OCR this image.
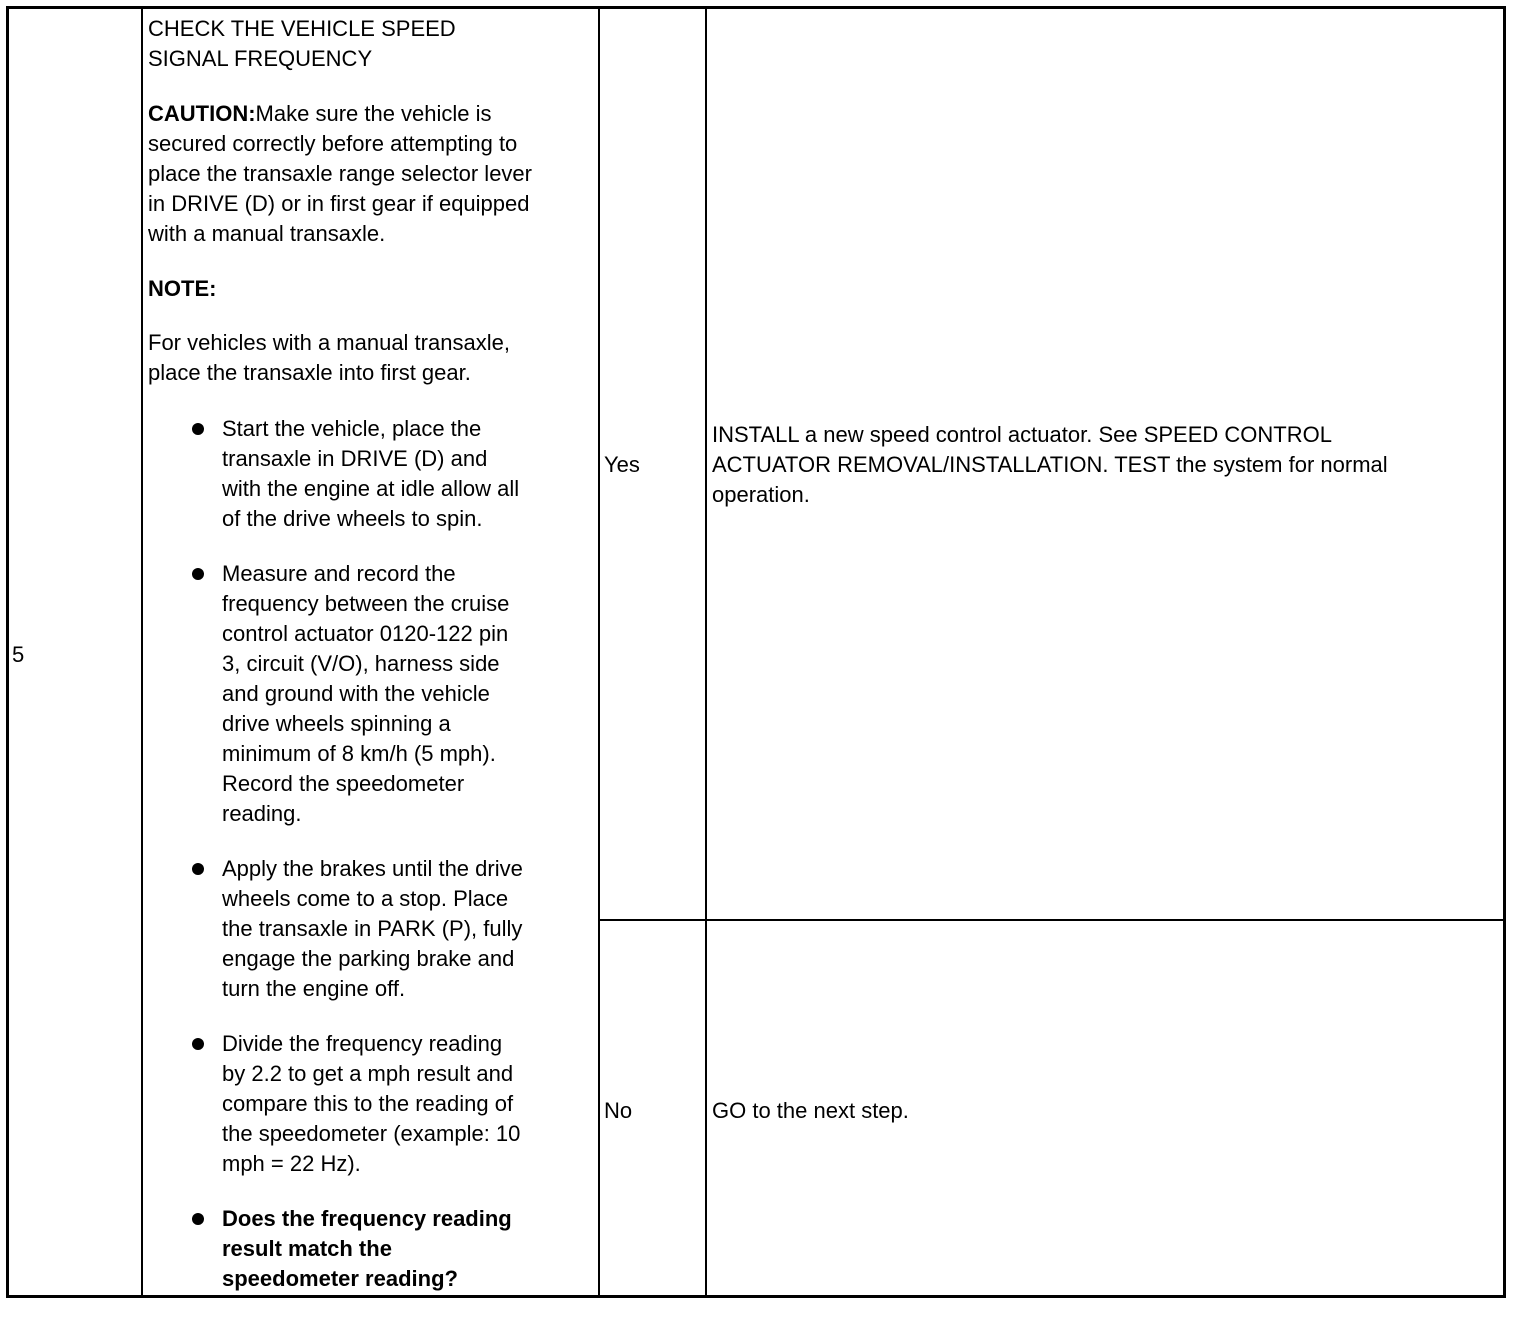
5
CHECK THE VEHICLE SPEED
SIGNAL FREQUENCY
CAUTION:Make sure the vehicle is
secured correctly before attempting to
place the transaxle range selector lever
in DRIVE (D) or in first gear if equipped
with a manual transaxle.
NOTE:
For vehicles with a manual transaxle,
place the transaxle into first gear.
Start the vehicle, place the
transaxle in DRIVE (D) and
with the engine at idle allow all
of the drive wheels to spin.
Measure and record the
frequency between the cruise
control actuator 0120-122 pin
3, circuit (V/O), harness side
and ground with the vehicle
drive wheels spinning a
minimum of 8 km/h (5 mph).
Record the speedometer
reading.
Apply the brakes until the drive
wheels come to a stop. Place
the transaxle in PARK (P), fully
engage the parking brake and
turn the engine off.
Divide the frequency reading
by 2.2 to get a mph result and
compare this to the reading of
the speedometer (example: 10
mph = 22 Hz).
Does the frequency reading
result match the
speedometer reading?
Yes
INSTALL a new speed control actuator. See SPEED CONTROL
ACTUATOR REMOVAL/INSTALLATION. TEST the system for normal
operation.
No	GO to the next step.
